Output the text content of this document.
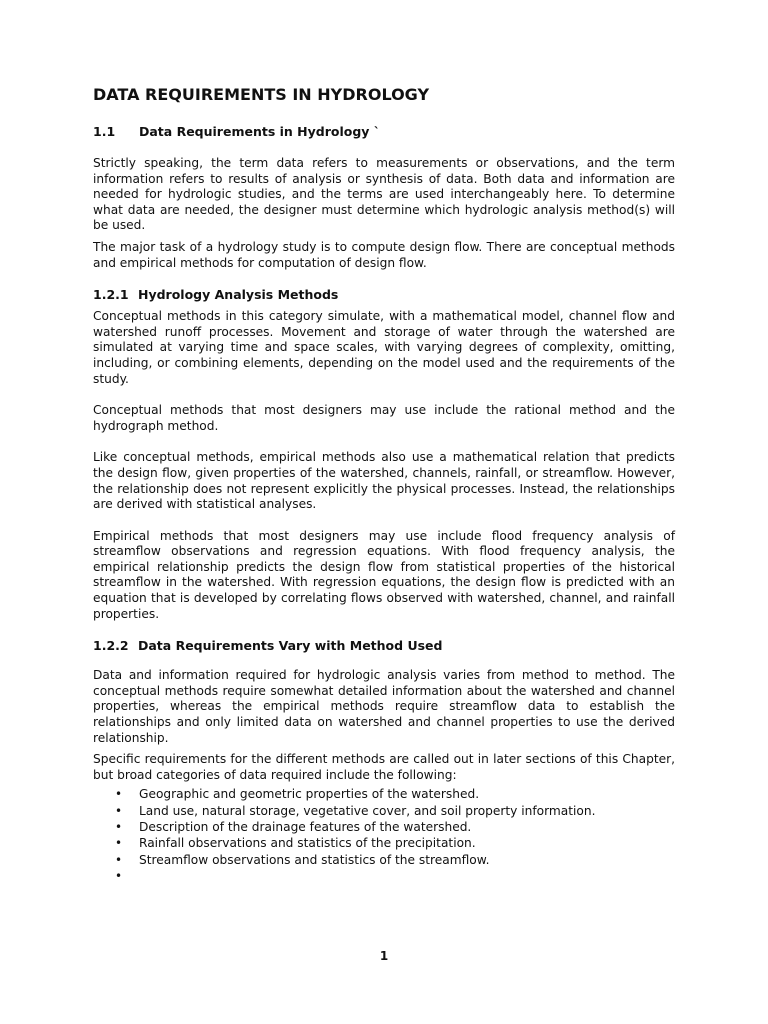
DATA REQUIREMENTS IN HYDROLOGY
1.1	Data Requirements in Hydrology `

Strictly speaking, the term data refers to measurements or observations, and the term information refers to results of analysis or synthesis of data. Both data and information are needed for hydrologic studies, and the terms are used interchangeably here. To determine what data are needed, the designer must determine which hydrologic analysis method(s) will be used.

The major task of a hydrology study is to compute design flow. There are conceptual methods and empirical methods for computation of design flow.

1.2.1 Hydrology Analysis Methods

Conceptual methods in this category simulate, with a mathematical model, channel flow and watershed runoff processes. Movement and storage of water through the watershed are simulated at varying time and space scales, with varying degrees of complexity, omitting, including, or combining elements, depending on the model used and the requirements of the study.

Conceptual methods that most designers may use include the rational method and the hydrograph method.

Like conceptual methods, empirical methods also use a mathematical relation that predicts the design flow, given properties of the watershed, channels, rainfall, or streamflow. However, the relationship does not represent explicitly the physical processes. Instead, the relationships are derived with statistical analyses.

Empirical methods that most designers may use include flood frequency analysis of streamflow observations and regression equations. With flood frequency analysis, the empirical relationship predicts the design flow from statistical properties of the historical streamflow in the watershed. With regression equations, the design flow is predicted with an equation that is developed by correlating flows observed with watershed, channel, and rainfall properties.

1.2.2 Data Requirements Vary with Method Used

Data and information required for hydrologic analysis varies from method to method. The conceptual methods require somewhat detailed information about the watershed and channel properties, whereas the empirical methods require streamflow data to establish the relationships and only limited data on watershed and channel properties to use the derived relationship.

Specific requirements for the different methods are called out in later sections of this Chapter, but broad categories of data required include the following:

• Geographic and geometric properties of the watershed.
• Land use, natural storage, vegetative cover, and soil property information.
• Description of the drainage features of the watershed.
• Rainfall observations and statistics of the precipitation.
• Streamflow observations and statistics of the streamflow.
•
1
